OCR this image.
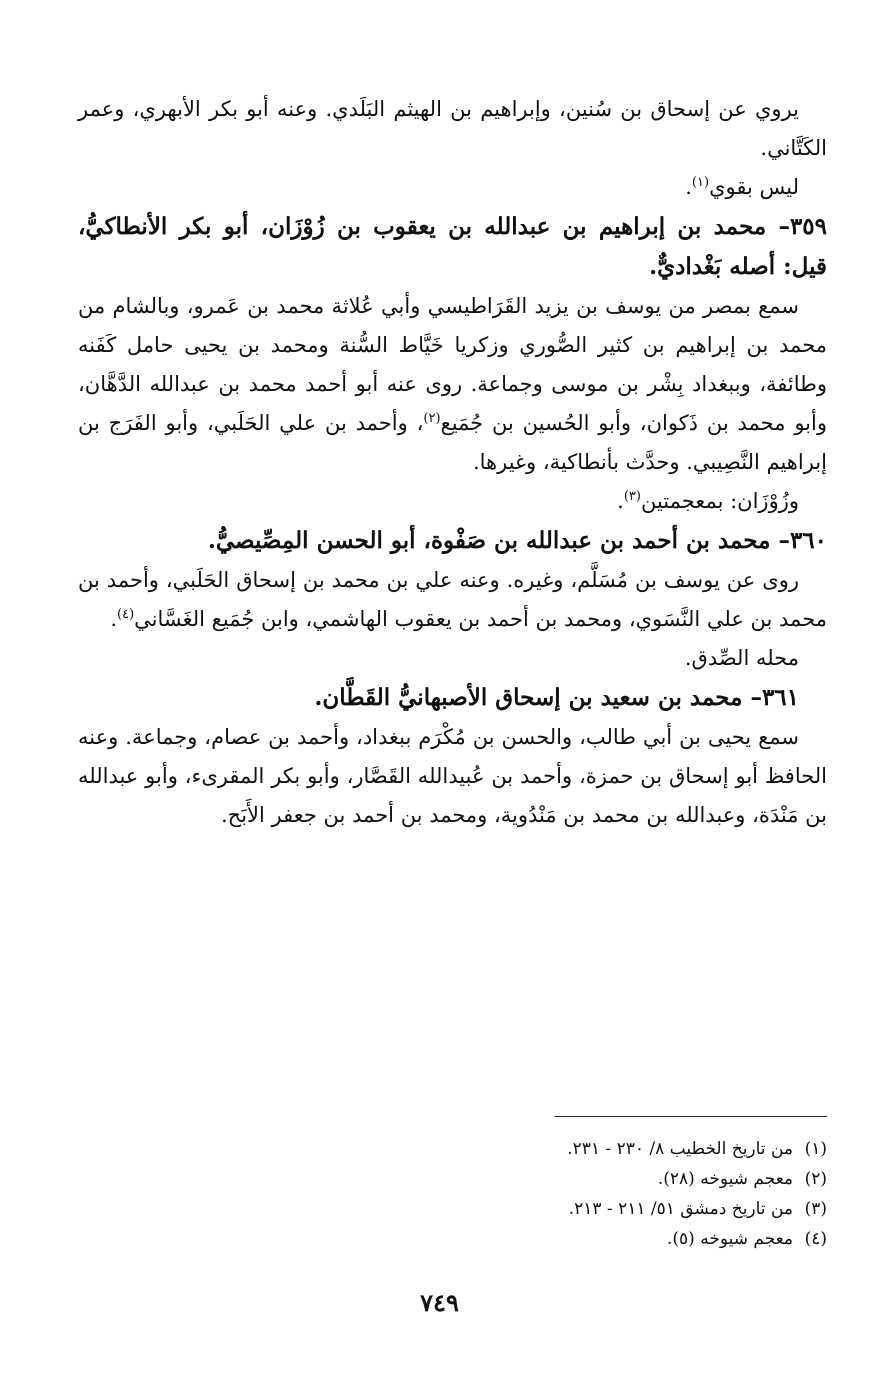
يروي عن إسحاق بن سُنين، وإبراهيم بن الهيثم البَلَدي. وعنه أبو بكر الأبهري، وعمر الكَتَّاني.

ليس بقوي$^{(١)}$.

٣٥٩– محمد بن إبراهيم بن عبدالله بن يعقوب بن زُوْزَان، أبو بكر الأنطاكيُّ، قيل: أصله بَغْداديٌّ.

سمع بمصر من يوسف بن يزيد القَرَاطيسي وأبي عُلاثة محمد بن عَمرو، وبالشام من محمد بن إبراهيم بن كثير الصُّوري وزكريا خَيَّاط السُّنة ومحمد بن يحيى حامل كَفَنه وطائفة، وببغداد بِشْر بن موسى وجماعة. روى عنه أبو أحمد محمد بن عبدالله الدَّهَّان، وأبو محمد بن ذَكوان، وأبو الحُسين بن جُمَيع$^{(٢)}$، وأحمد بن علي الحَلَبي، وأبو الفَرَج بن إبراهيم النَّصِيبي. وحدَّث بأنطاكية، وغيرها.

وزُوْزَان: بمعجمتين$^{(٣)}$.

٣٦٠– محمد بن أحمد بن عبدالله بن صَفْوة، أبو الحسن المِصِّيصيُّ.

روى عن يوسف بن مُسَلَّم، وغيره. وعنه علي بن محمد بن إسحاق الحَلَبي، وأحمد بن محمد بن علي النَّسَوي، ومحمد بن أحمد بن يعقوب الهاشمي، وابن جُمَيع الغَسَّاني$^{(٤)}$.

محله الصِّدق.

٣٦١– محمد بن سعيد بن إسحاق الأصبهانيُّ القَطَّان.

سمع يحيى بن أبي طالب، والحسن بن مُكْرَم ببغداد، وأحمد بن عصام، وجماعة. وعنه الحافظ أبو إسحاق بن حمزة، وأحمد بن عُبيدالله القَصَّار، وأبو بكر المقرىء، وأبو عبدالله بن مَنْدَة، وعبدالله بن محمد بن مَنْدُوية، ومحمد بن أحمد بن جعفر الأَبَح.

(١)من تاريخ الخطيب ٨/ ٢٣٠ - ٢٣١.
(٢)معجم شيوخه (٢٨).
(٣)من تاريخ دمشق ٥١/ ٢١١ - ٢١٣.
(٤)معجم شيوخه (٥).
٧٤٩
